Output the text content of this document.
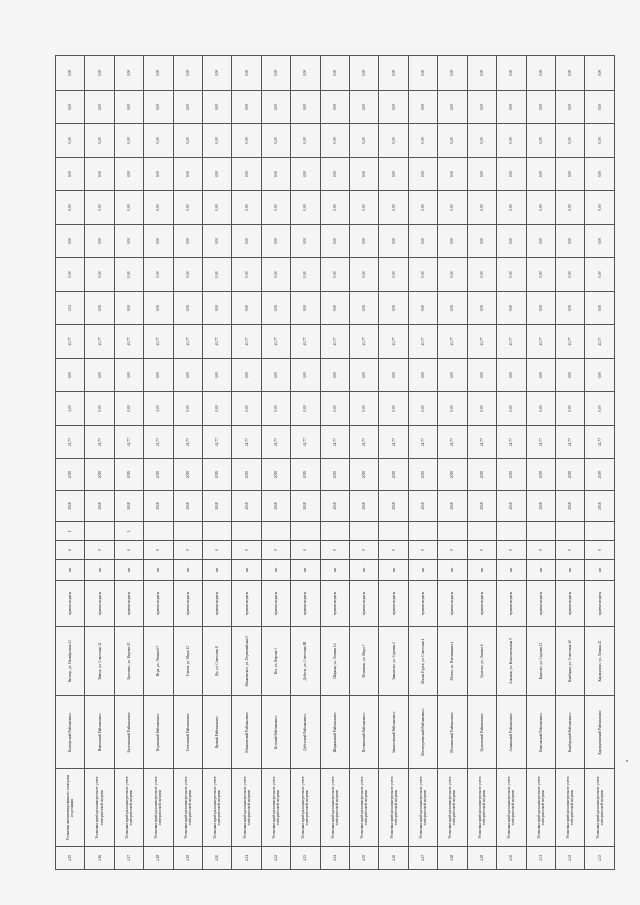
4.15	Установка автоматизированного электрона подстанции	Кизнерский Районкомисс	Кизнер, ул. Октябрьская 23	приемозатраты	шт	6	1	2018	2019	41,77	4,00	0,00	41,77	3,04	0,00	0,00	0,00	0,00	0,00	0,00	0,00
4.16	Установка прибора коммерческого учета электрической энергии	Вавожский Районкомисс	Вавож, ул. Советская 32	приемозатраты	шт	0		2018	2019	41,77	0,00	0,00	41,77	0,00	0,00	0,00	0,00	0,00	0,00	0,00	0,00
4.17	Установка прибора коммерческого учета электрической энергии	Балезинский Районкомисс	Балезино, ул. Кирова 45	приемозатраты	шт	0	1	2018	2019	41,77	0,00	0,00	41,77	0,00	0,00	0,00	0,00	0,00	0,00	0,00	0,00
4.18	Установка прибора коммерческого учета электрической энергии	Игринский Районкомисс	Игра, ул. Ленина 67	приемозатраты	шт	0		2018	2019	41,77	2,00	0,00	41,77	0,00	0,00	0,00	0,00	0,00	0,00	0,00	0,00
4.19	Установка прибора коммерческого учета электрической энергии	Глазовский Районкомисс	Глазов, ул. Мира 12	приемозатраты	шт	0		2018	2019	41,77	0,00	0,00	41,77	0,00	0,00	0,00	0,00	0,00	0,00	0,00	0,00
4.20	Установка прибора коммерческого учета электрической энергии	Ярский Районкомисс	Яр, ул. Советская 8	приемозатраты	шт	0		2018	2019	41,77	0,00	0,00	41,77	0,00	0,00	0,00	0,00	0,00	0,00	0,00	0,00
4.21	Установка прибора коммерческого учета электрической энергии	Юкаменский Районкомисс	Юкаменское, ул. Первомайская 5	приемозатраты	шт	0		2018	2019	41,77	0,00	0,00	41,77	0,00	0,00	0,00	0,00	0,00	0,00	0,00	0,00
4.22	Установка прибора коммерческого учета электрической энергии	Кезский Районкомисс	Кез, ул. Кирова 3	приемозатраты	шт	0		2018	2019	41,77	0,00	0,00	41,77	0,00	0,00	0,00	0,00	0,00	0,00	0,00	0,00
4.23	Установка прибора коммерческого учета электрической энергии	Дебесский Районкомисс	Дебесы, ул. Советская 88	приемозатраты	шт	0		2018	2019	41,77	0,00	0,00	41,77	0,00	0,00	0,00	0,00	0,00	0,00	0,00	0,00
4.24	Установка прибора коммерческого учета электрической энергии	Шарканский Районкомисс	Шаркан, ул. Ленина 14	приемозатраты	шт	0		2018	2019	41,77	0,00	0,00	41,77	0,00	0,00	0,00	0,00	0,00	0,00	0,00	0,00
4.25	Установка прибора коммерческого учета электрической энергии	Воткинский Районкомисс	Воткинск, ул. Мира 7	приемозатраты	шт	0		2018	2019	41,77	0,00	0,00	41,77	0,00	0,00	0,00	0,00	0,00	0,00	0,00	0,00
4.26	Установка прибора коммерческого учета электрической энергии	Завьяловский Районкомисс	Завьялово, ул. Садовая 2	приемозатраты	шт	0		2018	2019	41,77	0,00	0,00	41,77	0,00	0,00	0,00	0,00	0,00	0,00	0,00	0,00
4.27	Установка прибора коммерческого учета электрической энергии	Малопургинский Районкомисс	Малая Пурга, ул. Советская 1	приемозатраты	шт	0		2018	2019	41,77	0,00	0,00	41,77	0,00	0,00	0,00	0,00	0,00	0,00	0,00	0,00
4.28	Установка прибора коммерческого учета электрической энергии	Можгинский Районкомисс	Можга, ул. Наговицына 4	приемозатраты	шт	0		2018	2019	41,77	0,00	0,00	41,77	0,00	0,00	0,00	0,00	0,00	0,00	0,00	0,00
4.29	Установка прибора коммерческого учета электрической энергии	Граховский Районкомисс	Грахово, ул. Ленина 6	приемозатраты	шт	0		2018	2019	41,77	0,00	0,00	41,77	0,00	0,00	0,00	0,00	0,00	0,00	0,00	0,00
4.30	Установка прибора коммерческого учета электрической энергии	Алнашский Районкомисс	Алнаши, ул. Комсомольская 9	приемозатраты	шт	0		2018	2019	41,77	0,00	0,00	41,77	0,00	0,00	0,00	0,00	0,00	0,00	0,00	0,00
4.31	Установка прибора коммерческого учета электрической энергии	Киясовский Районкомисс	Киясово, ул. Садовая 11	приемозатраты	шт	0		2018	2019	41,77	0,00	0,00	41,77	0,00	0,00	0,00	0,00	0,00	0,00	0,00	0,00
4.32	Установка прибора коммерческого учета электрической энергии	Камбарский Районкомисс	Камбарка, ул. Советская 10	приемозатраты	шт	0		2018	2019	41,77	0,00	0,00	41,77	0,00	0,00	0,00	0,00	0,00	0,00	0,00	0,00
4.33	Установка прибора коммерческого учета электрической энергии	Каракулинский Районкомисс	Каракулино, ул. Ленина 21	приемозатраты	шт	0		2018	2019	41,77	0,00	0,00	41,77	0,00	0,00	0,00	0,00	0,00	0,00	0,00	0,00
